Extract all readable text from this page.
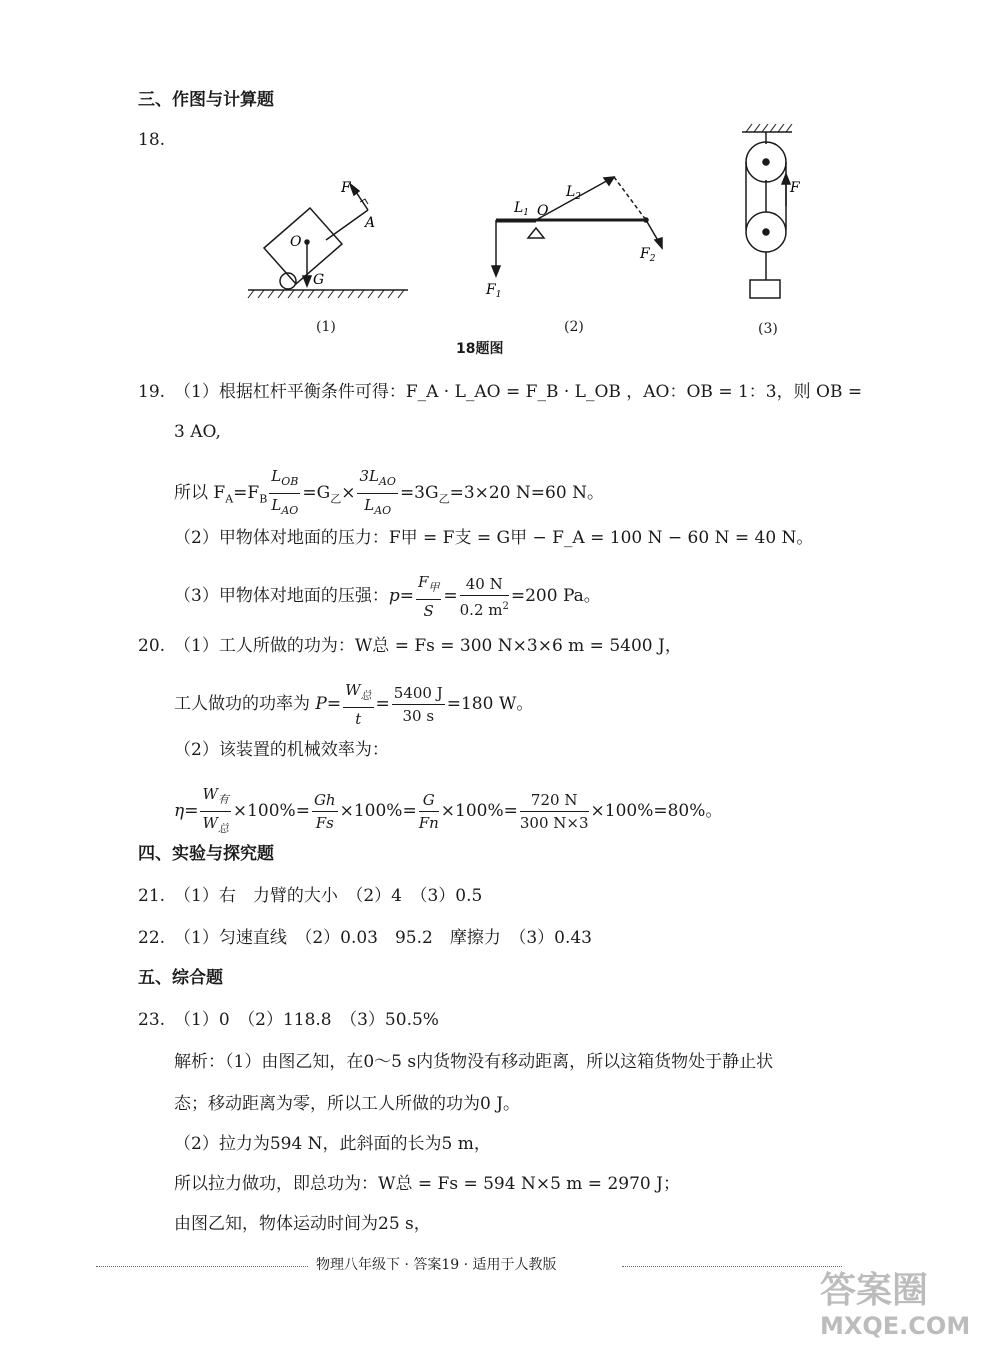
三、作图与计算题
18.
F
A
O
G
$L_1$ O
$L_2$
$F_1$
$F_2$
F
(1)	(2)	(3)
18题图
19. （1）根据杠杆平衡条件可得：F_A · L_AO = F_B · L_OB ，AO：OB = 1：3，则 OB =
3 AO,
所以 $F_A=F_B \frac{L_{OB}}{L_{AO}} =G_乙\times \frac{3L_{AO}}{L_{AO}} =3G_乙=3\times 20$ N=60 N。
（2）甲物体对地面的压力：F甲 = F支 = G甲 − F_A = 100 N − 60 N = 40 N。
（3）甲物体对地面的压强：$p= \frac{F_甲}{S} = \frac{40 N}{0.2 m^2} =200$ Pa。
20. （1）工人所做的功为：W总 = Fs = 300 N×3×6 m = 5400 J，
工人做功的功率为 $P= \frac{W_总}{t} = \frac{5400 J}{30 s} =180$ W。
（2）该装置的机械效率为：
$\eta= \frac{W_有}{W_总} \times 100\%= \frac{Gh}{Fs} \times 100\%= \frac{G}{Fn} \times 100\%= \frac{720 N}{300 N\times 3} \times 100\%=80\%$。
四、实验与探究题
21. （1）右　力臂的大小　（2）4　（3）0.5
22. （1）匀速直线　（2）0.03　95.2　摩擦力　（3）0.43
五、综合题
23. （1）0　（2）118.8　（3）50.5%
解析：（1）由图乙知，在0～5 s内货物没有移动距离，所以这箱货物处于静止状
态；移动距离为零，所以工人所做的功为0 J。
（2）拉力为594 N，此斜面的长为5 m，
所以拉力做功，即总功为：W总 = Fs = 594 N×5 m = 2970 J；
由图乙知，物体运动时间为25 s，
物理八年级下 · 答案19 · 适用于人教版
答案圈
MXQE.COM
